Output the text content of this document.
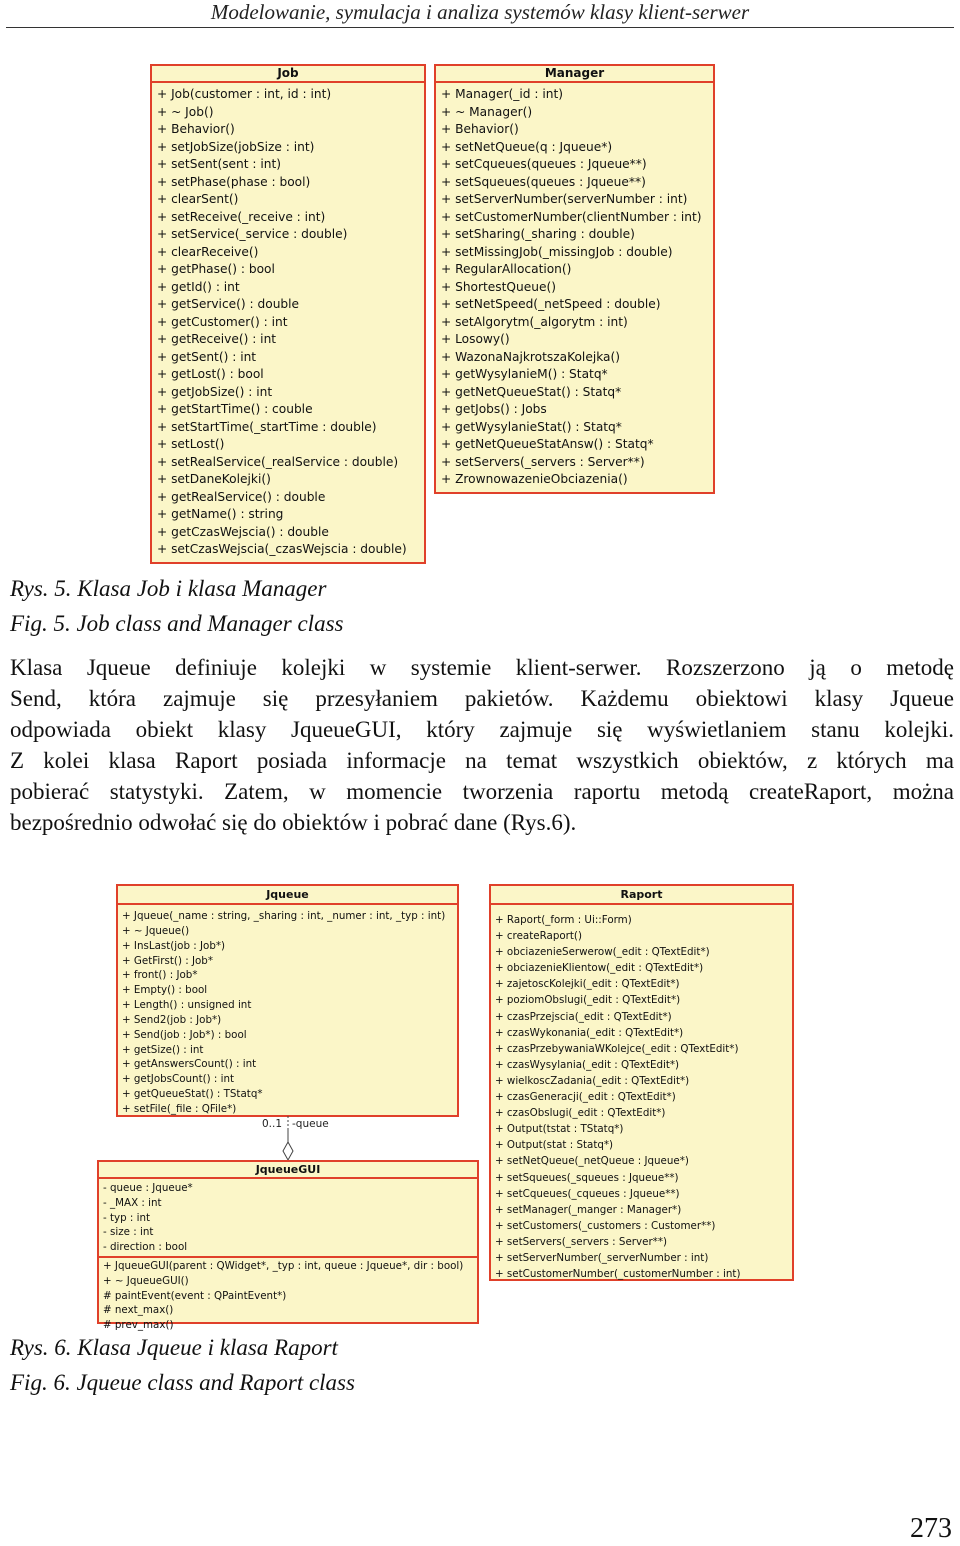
Modelowanie, symulacja i analiza systemów klasy klient-serwer
Job
+ Job(customer : int, id : int)
+ ~ Job()
+ Behavior()
+ setJobSize(jobSize : int)
+ setSent(sent : int)
+ setPhase(phase : bool)
+ clearSent()
+ setReceive(_receive : int)
+ setService(_service : double)
+ clearReceive()
+ getPhase() : bool
+ getId() : int
+ getService() : double
+ getCustomer() : int
+ getReceive() : int
+ getSent() : int
+ getLost() : bool
+ getJobSize() : int
+ getStartTime() : couble
+ setStartTime(_startTime : double)
+ setLost()
+ setRealService(_realService : double)
+ setDaneKolejki()
+ getRealService() : double
+ getName() : string
+ getCzasWejscia() : double
+ setCzasWejscia(_czasWejscia : double)
Manager
+ Manager(_id : int)
+ ~ Manager()
+ Behavior()
+ setNetQueue(q : Jqueue*)
+ setCqueues(queues : Jqueue**)
+ setSqueues(queues : Jqueue**)
+ setServerNumber(serverNumber : int)
+ setCustomerNumber(clientNumber : int)
+ setSharing(_sharing : double)
+ setMissingJob(_missingJob : double)
+ RegularAllocation()
+ ShortestQueue()
+ setNetSpeed(_netSpeed : double)
+ setAlgorytm(_algorytm : int)
+ Losowy()
+ WazonaNajkrotszaKolejka()
+ getWysylanieM() : Statq*
+ getNetQueueStat() : Statq*
+ getJobs() : Jobs
+ getWysylanieStat() : Statq*
+ getNetQueueStatAnsw() : Statq*
+ setServers(_servers : Server**)
+ ZrownowazenieObciazenia()
Rys. 5. Klasa Job i klasa Manager
Fig. 5. Job class and Manager class
Klasa Jqueue definiuje kolejki w systemie klient-serwer. Rozszerzono ją o metodę
Send, która zajmuje się przesyłaniem pakietów. Każdemu obiektowi klasy Jqueue
odpowiada obiekt klasy JqueueGUI, który zajmuje się wyświetlaniem stanu kolejki.
Z kolei klasa Raport posiada informacje na temat wszystkich obiektów, z których ma
pobierać statystyki. Zatem, w momencie tworzenia raportu metodą createRaport, można
bezpośrednio odwołać się do obiektów i pobrać dane (Rys.6).
Jqueue
+ Jqueue(_name : string, _sharing : int, _numer : int, _typ : int)
+ ~ Jqueue()
+ InsLast(job : Job*)
+ GetFirst() : Job*
+ front() : Job*
+ Empty() : bool
+ Length() : unsigned int
+ Send2(job : Job*)
+ Send(job : Job*) : bool
+ getSize() : int
+ getAnswersCount() : int
+ getJobsCount() : int
+ getQueueStat() : TStatq*
+ setFile(_file : QFile*)
0..1 -queue
JqueueGUI
- queue : Jqueue*
- _MAX : int
- typ : int
- size : int
- direction : bool
+ JqueueGUI(parent : QWidget*, _typ : int, queue : Jqueue*, dir : bool)
+ ~ JqueueGUI()
# paintEvent(event : QPaintEvent*)
# next_max()
# prev_max()
Raport
+ Raport(_form : Ui::Form)
+ createRaport()
+ obciazenieSerwerow(_edit : QTextEdit*)
+ obciazenieKlientow(_edit : QTextEdit*)
+ zajetoscKolejki(_edit : QTextEdit*)
+ poziomObslugi(_edit : QTextEdit*)
+ czasPrzejscia(_edit : QTextEdit*)
+ czasWykonania(_edit : QTextEdit*)
+ czasPrzebywaniaWKolejce(_edit : QTextEdit*)
+ czasWysylania(_edit : QTextEdit*)
+ wielkoscZadania(_edit : QTextEdit*)
+ czasGeneracji(_edit : QTextEdit*)
+ czasObslugi(_edit : QTextEdit*)
+ Output(tstat : TStatq*)
+ Output(stat : Statq*)
+ setNetQueue(_netQueue : Jqueue*)
+ setSqueues(_squeues : Jqueue**)
+ setCqueues(_cqueues : Jqueue**)
+ setManager(_manger : Manager*)
+ setCustomers(_customers : Customer**)
+ setServers(_servers : Server**)
+ setServerNumber(_serverNumber : int)
+ setCustomerNumber(_customerNumber : int)
Rys. 6. Klasa Jqueue i klasa Raport
Fig. 6. Jqueue class and Raport class
273
